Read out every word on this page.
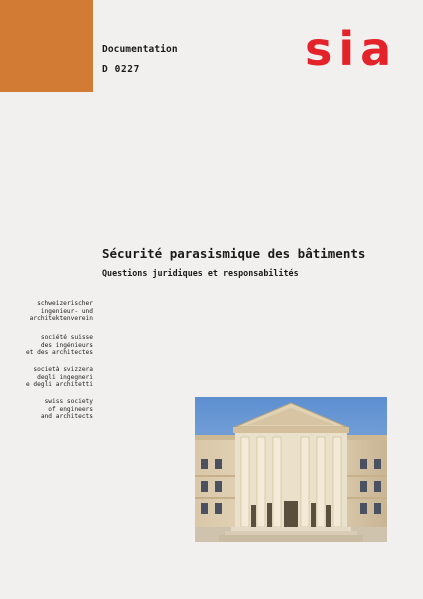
Documentation
D 0227	sia
Sécurité parasismique des bâtiments
Questions juridiques et responsabilités
schweizerischer
ingenieur- und
architektenverein
société suisse
des ingénieurs
et des architectes
società svizzera
degli ingegneri
e degli architetti
swiss society
of engineers
and architects
